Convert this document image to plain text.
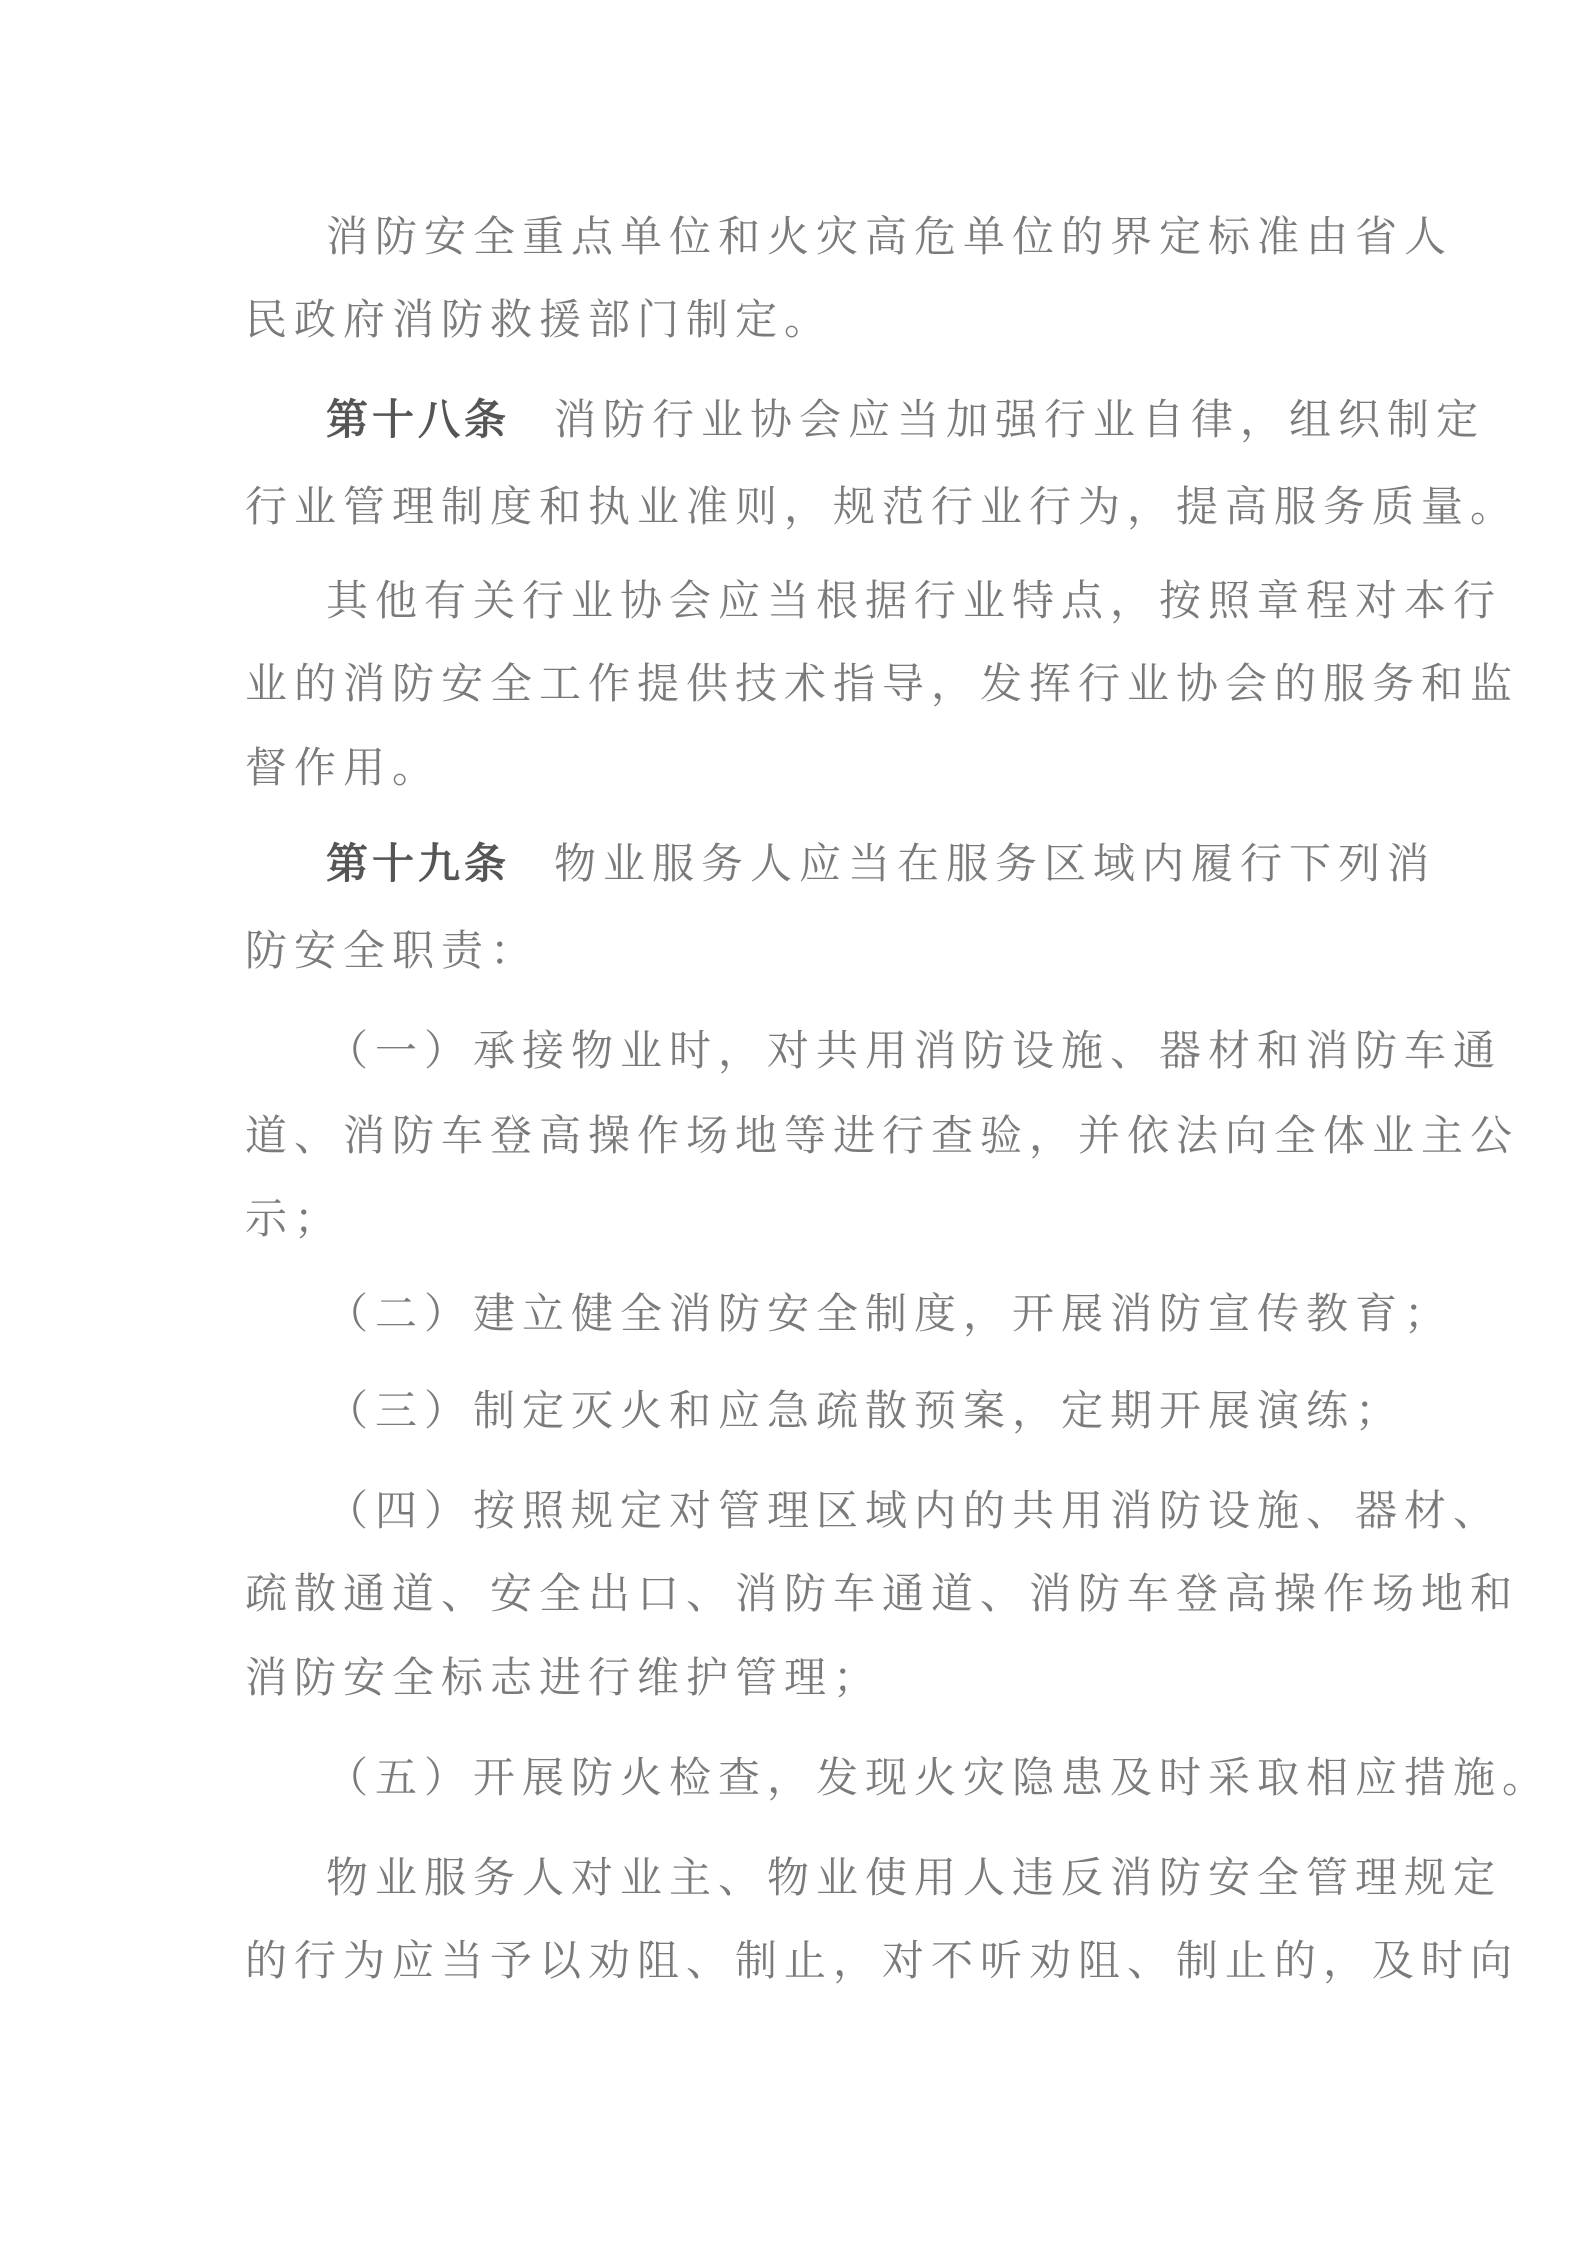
消防安全重点单位和火灾高危单位的界定标准由省人
民政府消防救援部门制定。
第十八条 消防行业协会应当加强行业自律，组织制定
行业管理制度和执业准则，规范行业行为，提高服务质量。
其他有关行业协会应当根据行业特点，按照章程对本行
业的消防安全工作提供技术指导，发挥行业协会的服务和监
督作用。
第十九条 物业服务人应当在服务区域内履行下列消
防安全职责：
（一）承接物业时，对共用消防设施、器材和消防车通
道、消防车登高操作场地等进行查验，并依法向全体业主公
示；
（二）建立健全消防安全制度，开展消防宣传教育；
（三）制定灭火和应急疏散预案，定期开展演练；
（四）按照规定对管理区域内的共用消防设施、器材、
疏散通道、安全出口、消防车通道、消防车登高操作场地和
消防安全标志进行维护管理；
（五）开展防火检查，发现火灾隐患及时采取相应措施。
物业服务人对业主、物业使用人违反消防安全管理规定
的行为应当予以劝阻、制止，对不听劝阻、制止的，及时向
